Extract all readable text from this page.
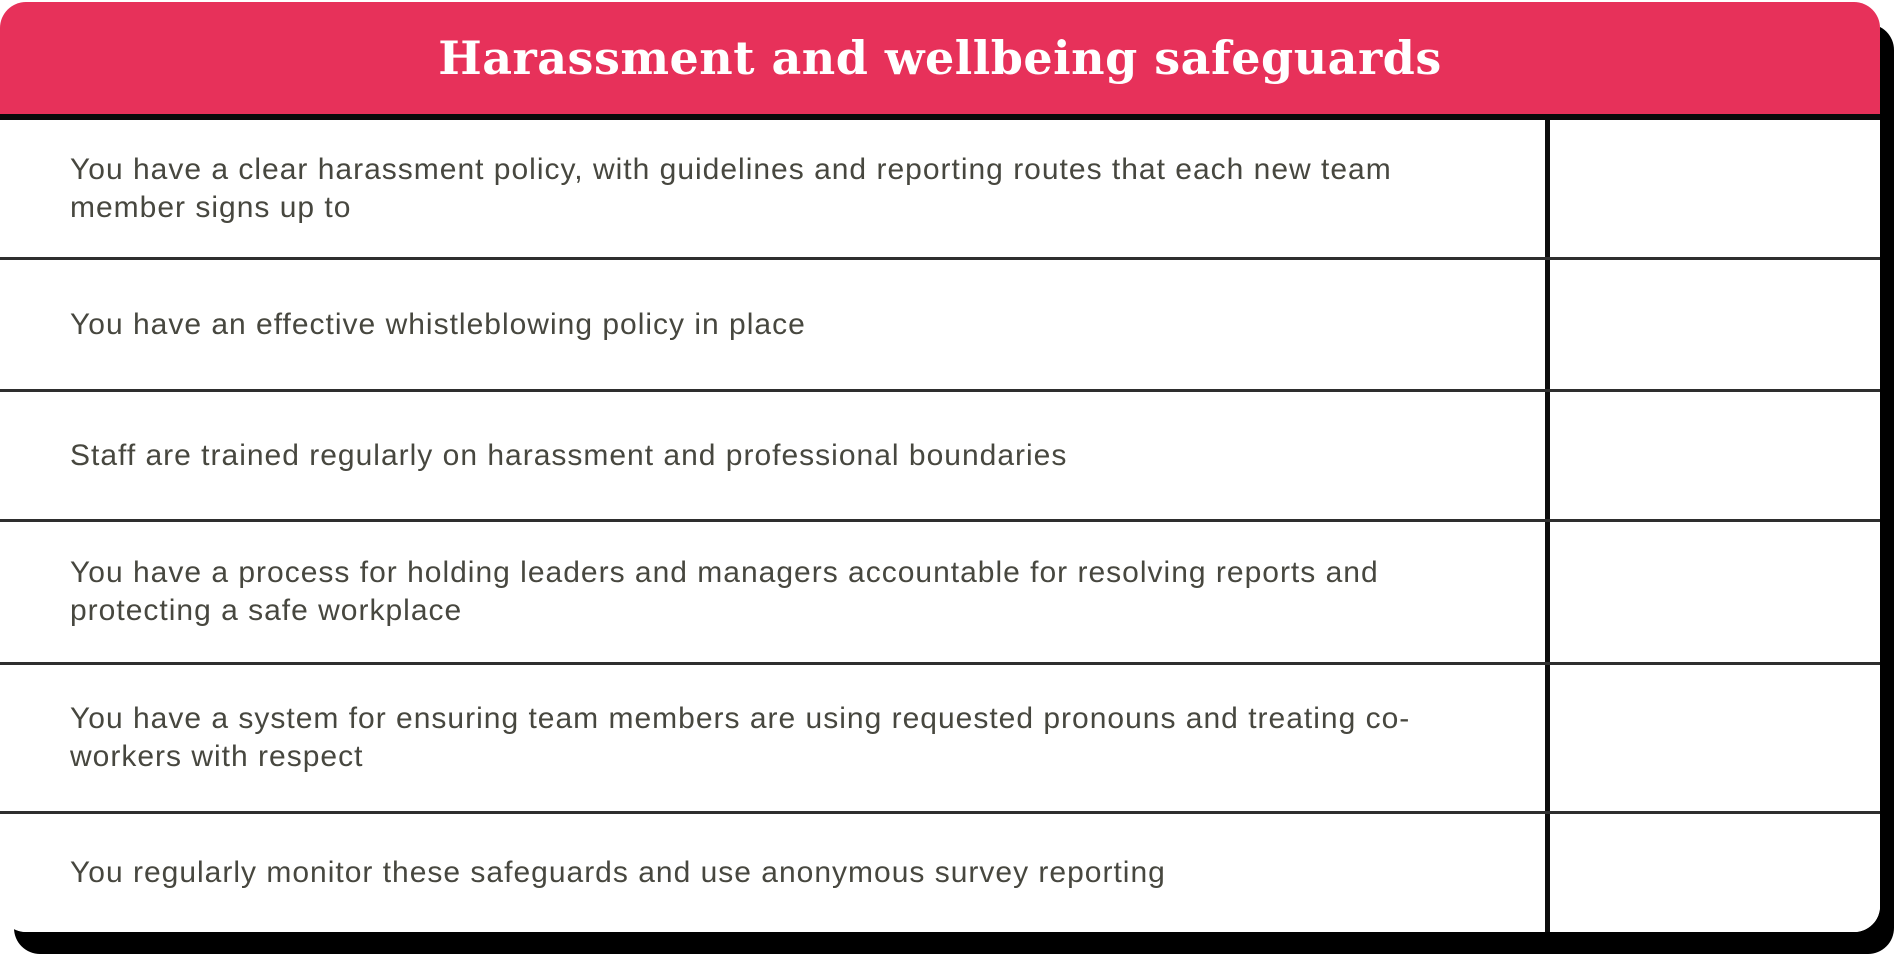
Harassment and wellbeing safeguards
You have a clear harassment policy, with guidelines and reporting routes that each new team member signs up to
You have an effective whistleblowing policy in place
Staff are trained regularly on harassment and professional boundaries
You have a process for holding leaders and managers accountable for resolving reports and protecting a safe workplace
You have a system for ensuring team members are using requested pronouns and treating co-workers with respect
You regularly monitor these safeguards and use anonymous survey reporting
